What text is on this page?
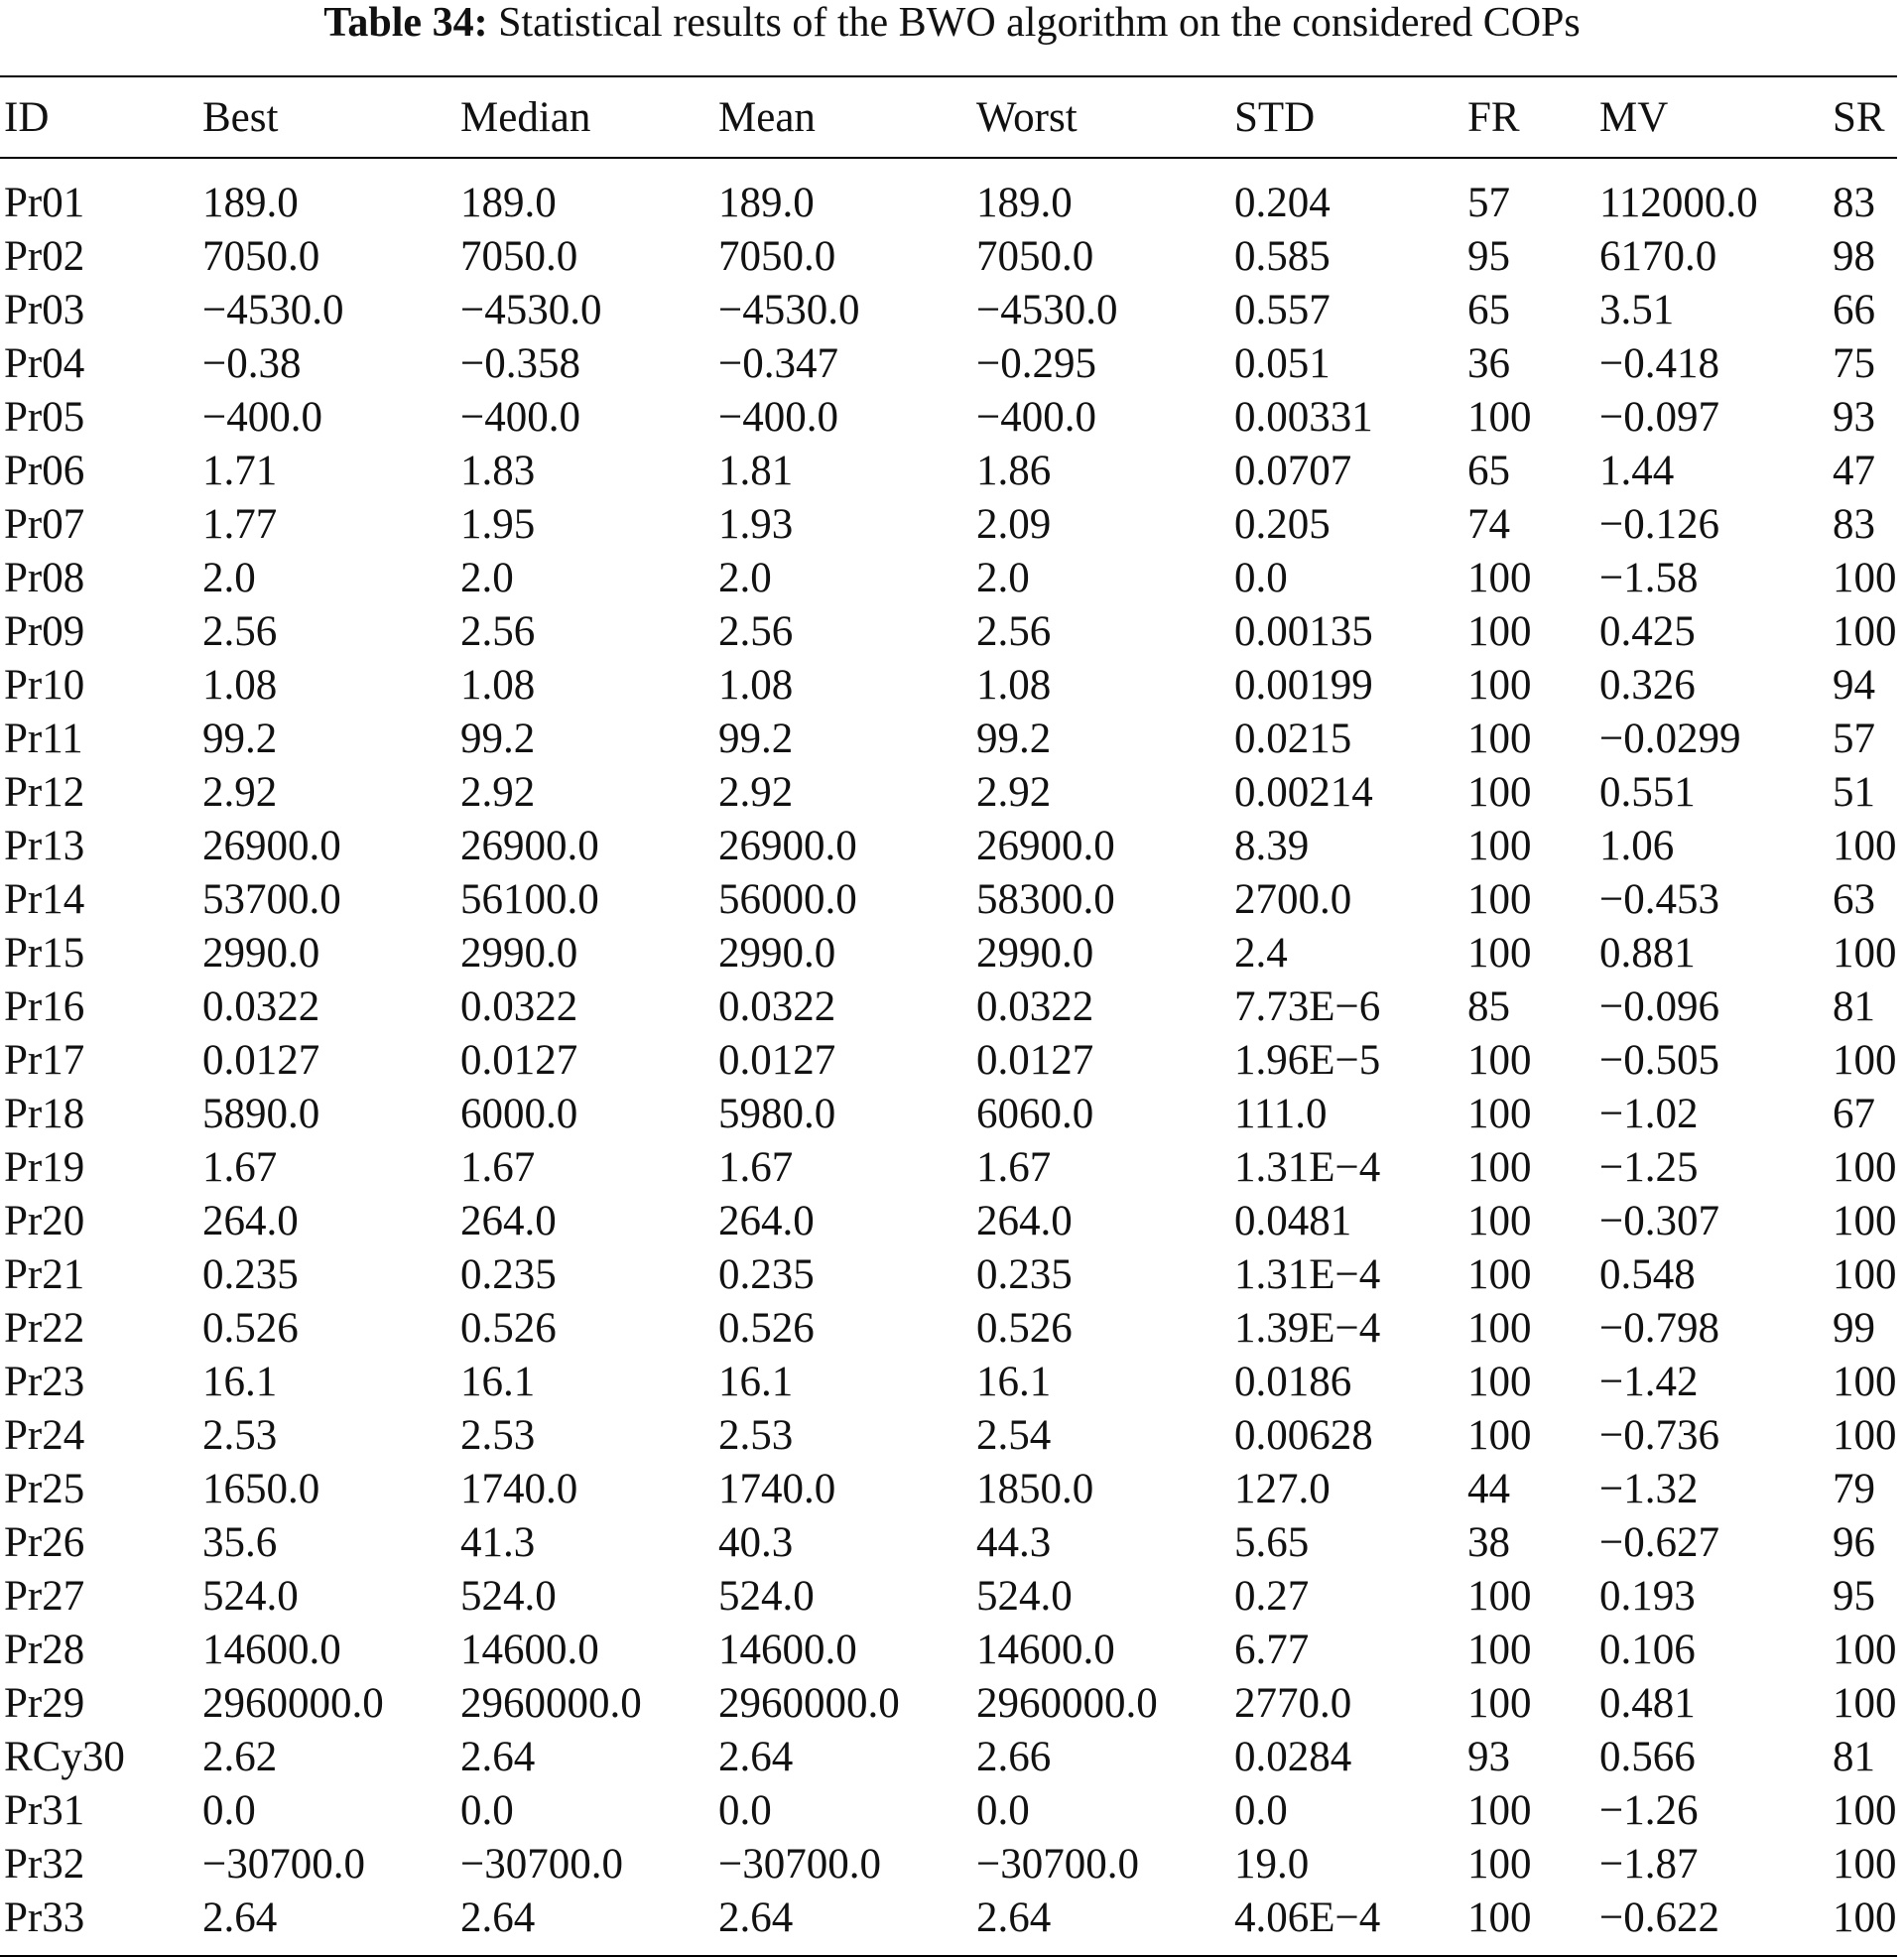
Table 34: Statistical results of the BWO algorithm on the considered COPs
ID	Best	Median	Mean	Worst	STD	FR	MV	SR
Pr01	189.0	189.0	189.0	189.0	0.204	57	112000.0	83
Pr02	7050.0	7050.0	7050.0	7050.0	0.585	95	6170.0	98
Pr03	−4530.0	−4530.0	−4530.0	−4530.0	0.557	65	3.51	66
Pr04	−0.38	−0.358	−0.347	−0.295	0.051	36	−0.418	75
Pr05	−400.0	−400.0	−400.0	−400.0	0.00331	100	−0.097	93
Pr06	1.71	1.83	1.81	1.86	0.0707	65	1.44	47
Pr07	1.77	1.95	1.93	2.09	0.205	74	−0.126	83
Pr08	2.0	2.0	2.0	2.0	0.0	100	−1.58	100
Pr09	2.56	2.56	2.56	2.56	0.00135	100	0.425	100
Pr10	1.08	1.08	1.08	1.08	0.00199	100	0.326	94
Pr11	99.2	99.2	99.2	99.2	0.0215	100	−0.0299	57
Pr12	2.92	2.92	2.92	2.92	0.00214	100	0.551	51
Pr13	26900.0	26900.0	26900.0	26900.0	8.39	100	1.06	100
Pr14	53700.0	56100.0	56000.0	58300.0	2700.0	100	−0.453	63
Pr15	2990.0	2990.0	2990.0	2990.0	2.4	100	0.881	100
Pr16	0.0322	0.0322	0.0322	0.0322	7.73E−6	85	−0.096	81
Pr17	0.0127	0.0127	0.0127	0.0127	1.96E−5	100	−0.505	100
Pr18	5890.0	6000.0	5980.0	6060.0	111.0	100	−1.02	67
Pr19	1.67	1.67	1.67	1.67	1.31E−4	100	−1.25	100
Pr20	264.0	264.0	264.0	264.0	0.0481	100	−0.307	100
Pr21	0.235	0.235	0.235	0.235	1.31E−4	100	0.548	100
Pr22	0.526	0.526	0.526	0.526	1.39E−4	100	−0.798	99
Pr23	16.1	16.1	16.1	16.1	0.0186	100	−1.42	100
Pr24	2.53	2.53	2.53	2.54	0.00628	100	−0.736	100
Pr25	1650.0	1740.0	1740.0	1850.0	127.0	44	−1.32	79
Pr26	35.6	41.3	40.3	44.3	5.65	38	−0.627	96
Pr27	524.0	524.0	524.0	524.0	0.27	100	0.193	95
Pr28	14600.0	14600.0	14600.0	14600.0	6.77	100	0.106	100
Pr29	2960000.0	2960000.0	2960000.0	2960000.0	2770.0	100	0.481	100
RCy30	2.62	2.64	2.64	2.66	0.0284	93	0.566	81
Pr31	0.0	0.0	0.0	0.0	0.0	100	−1.26	100
Pr32	−30700.0	−30700.0	−30700.0	−30700.0	19.0	100	−1.87	100
Pr33	2.64	2.64	2.64	2.64	4.06E−4	100	−0.622	100
